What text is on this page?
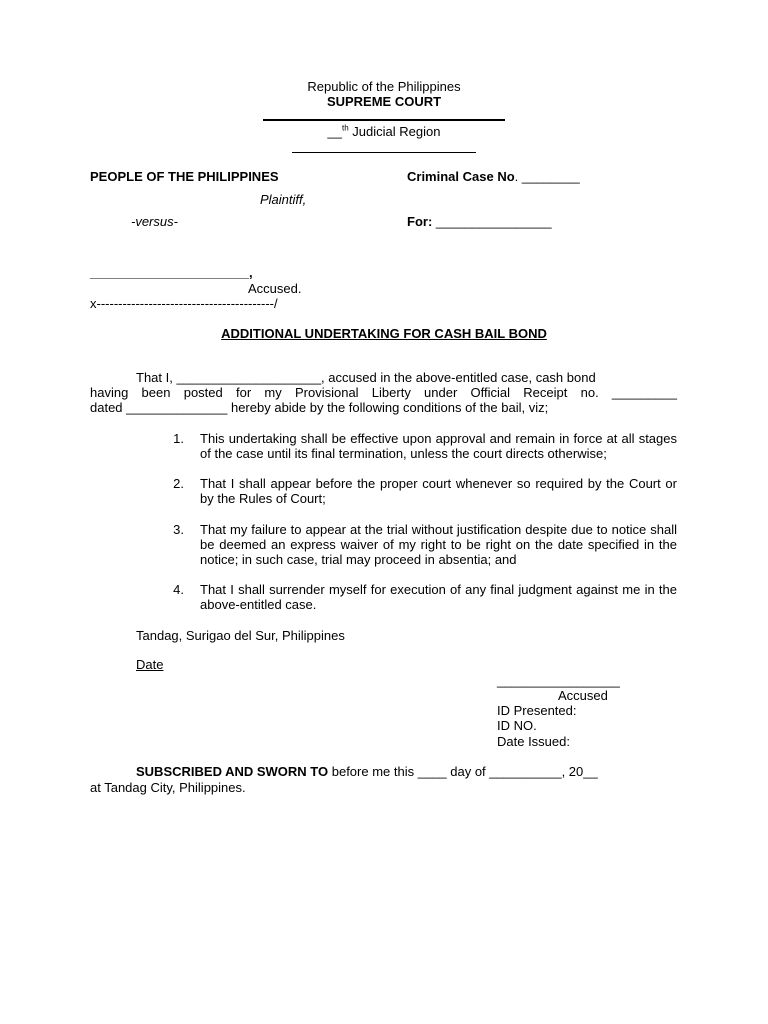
Republic of the Philippines
SUPREME COURT
__$^{th}$ Judicial Region
PEOPLE OF THE PHILIPPINES	Criminal Case No. ________
Plaintiff,
-versus-	For: ________________
______________________,
Accused.
x-----------------------------------------/
ADDITIONAL UNDERTAKING FOR CASH BAIL BOND
That I, ____________________, accused in the above-entitled case, cash bond
having been posted for my Provisional Liberty under Official Receipt no. _________
dated ______________ hereby abide by the following conditions of the bail, viz;
1. This undertaking shall be effective upon approval and remain in force at all stages of the case until its final termination, unless the court directs otherwise;
2. That I shall appear before the proper court whenever so required by the Court or by the Rules of Court;
3. That my failure to appear at the trial without justification despite due to notice shall be deemed an express waiver of my right to be right on the date specified in the notice; in such case, trial may proceed in absentia; and
4. That I shall surrender myself for execution of any final judgment against me in the above-entitled case.
Tandag, Surigao del Sur, Philippines
Date
_________________
Accused
ID Presented:
ID NO.
Date Issued:
SUBSCRIBED AND SWORN TO before me this ____ day of __________, 20__
at Tandag City, Philippines.
